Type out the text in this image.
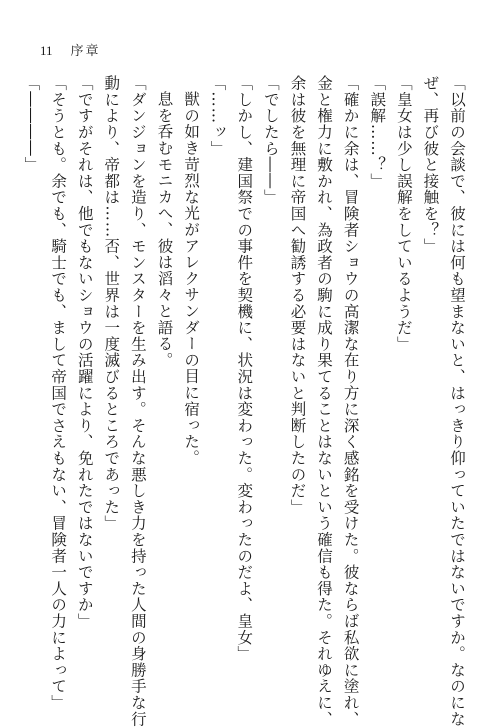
11 序章
「以前の会談で、彼には何も望まないと、はっきり仰っていたではないですか。なのにな
ぜ、再び彼と接触を？」
「皇女は少し誤解をしているようだ」
「誤解……？」
「確かに余は、冒険者ショウの高潔な在り方に深く感銘を受けた。彼ならば私欲に塗れ、
金と権力に敷かれ、為政者の駒に成り果てることはないという確信も得た。それゆえに、
余は彼を無理に帝国へ勧誘する必要はないと判断したのだ」
「でしたら――」
「しかし、建国祭での事件を契機に、状況は変わった。変わったのだよ、皇女」
「……ッ」
獣の如き苛烈な光がアレクサンダーの目に宿った。
息を呑むモニカへ、彼は滔々と語る。
「ダンジョンを造り、モンスターを生み出す。そんな悪しき力を持った人間の身勝手な行
動により、帝都は……否、世界は一度滅びるところであった」
「ですがそれは、他でもないショウの活躍により、免れたではないですか」
「そうとも。余でも、騎士でも、まして帝国でさえもない、冒険者一人の力によって」
「――――」
